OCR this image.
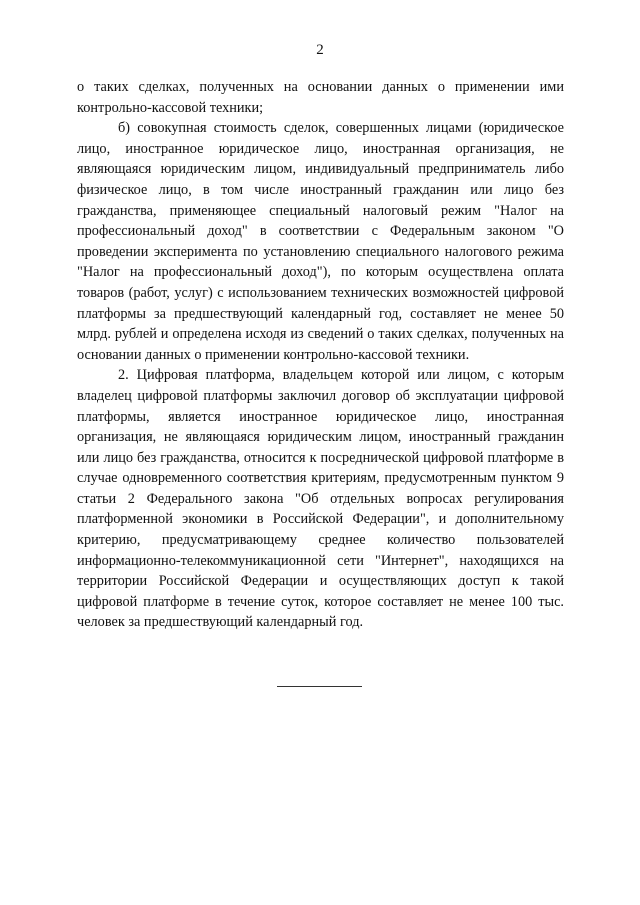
2

о таких сделках, полученных на основании данных о применении ими контрольно-кассовой техники;

б) совокупная стоимость сделок, совершенных лицами (юридическое лицо, иностранное юридическое лицо, иностранная организация, не являющаяся юридическим лицом, индивидуальный предприниматель либо физическое лицо, в том числе иностранный гражданин или лицо без гражданства, применяющее специальный налоговый режим "Налог на профессиональный доход" в соответствии с Федеральным законом "О проведении эксперимента по установлению специального налогового режима "Налог на профессиональный доход"), по которым осуществлена оплата товаров (работ, услуг) с использованием технических возможностей цифровой платформы за предшествующий календарный год, составляет не менее 50 млрд. рублей и определена исходя из сведений о таких сделках, полученных на основании данных о применении контрольно-кассовой техники.

2. Цифровая платформа, владельцем которой или лицом, с которым владелец цифровой платформы заключил договор об эксплуатации цифровой платформы, является иностранное юридическое лицо, иностранная организация, не являющаяся юридическим лицом, иностранный гражданин или лицо без гражданства, относится к посреднической цифровой платформе в случае одновременного соответствия критериям, предусмотренным пунктом 9 статьи 2 Федерального закона "Об отдельных вопросах регулирования платформенной экономики в Российской Федерации", и дополнительному критерию, предусматривающему среднее количество пользователей информационно-телекоммуникационной сети "Интернет", находящихся на территории Российской Федерации и осуществляющих доступ к такой цифровой платформе в течение суток, которое составляет не менее 100 тыс. человек за предшествующий календарный год.
